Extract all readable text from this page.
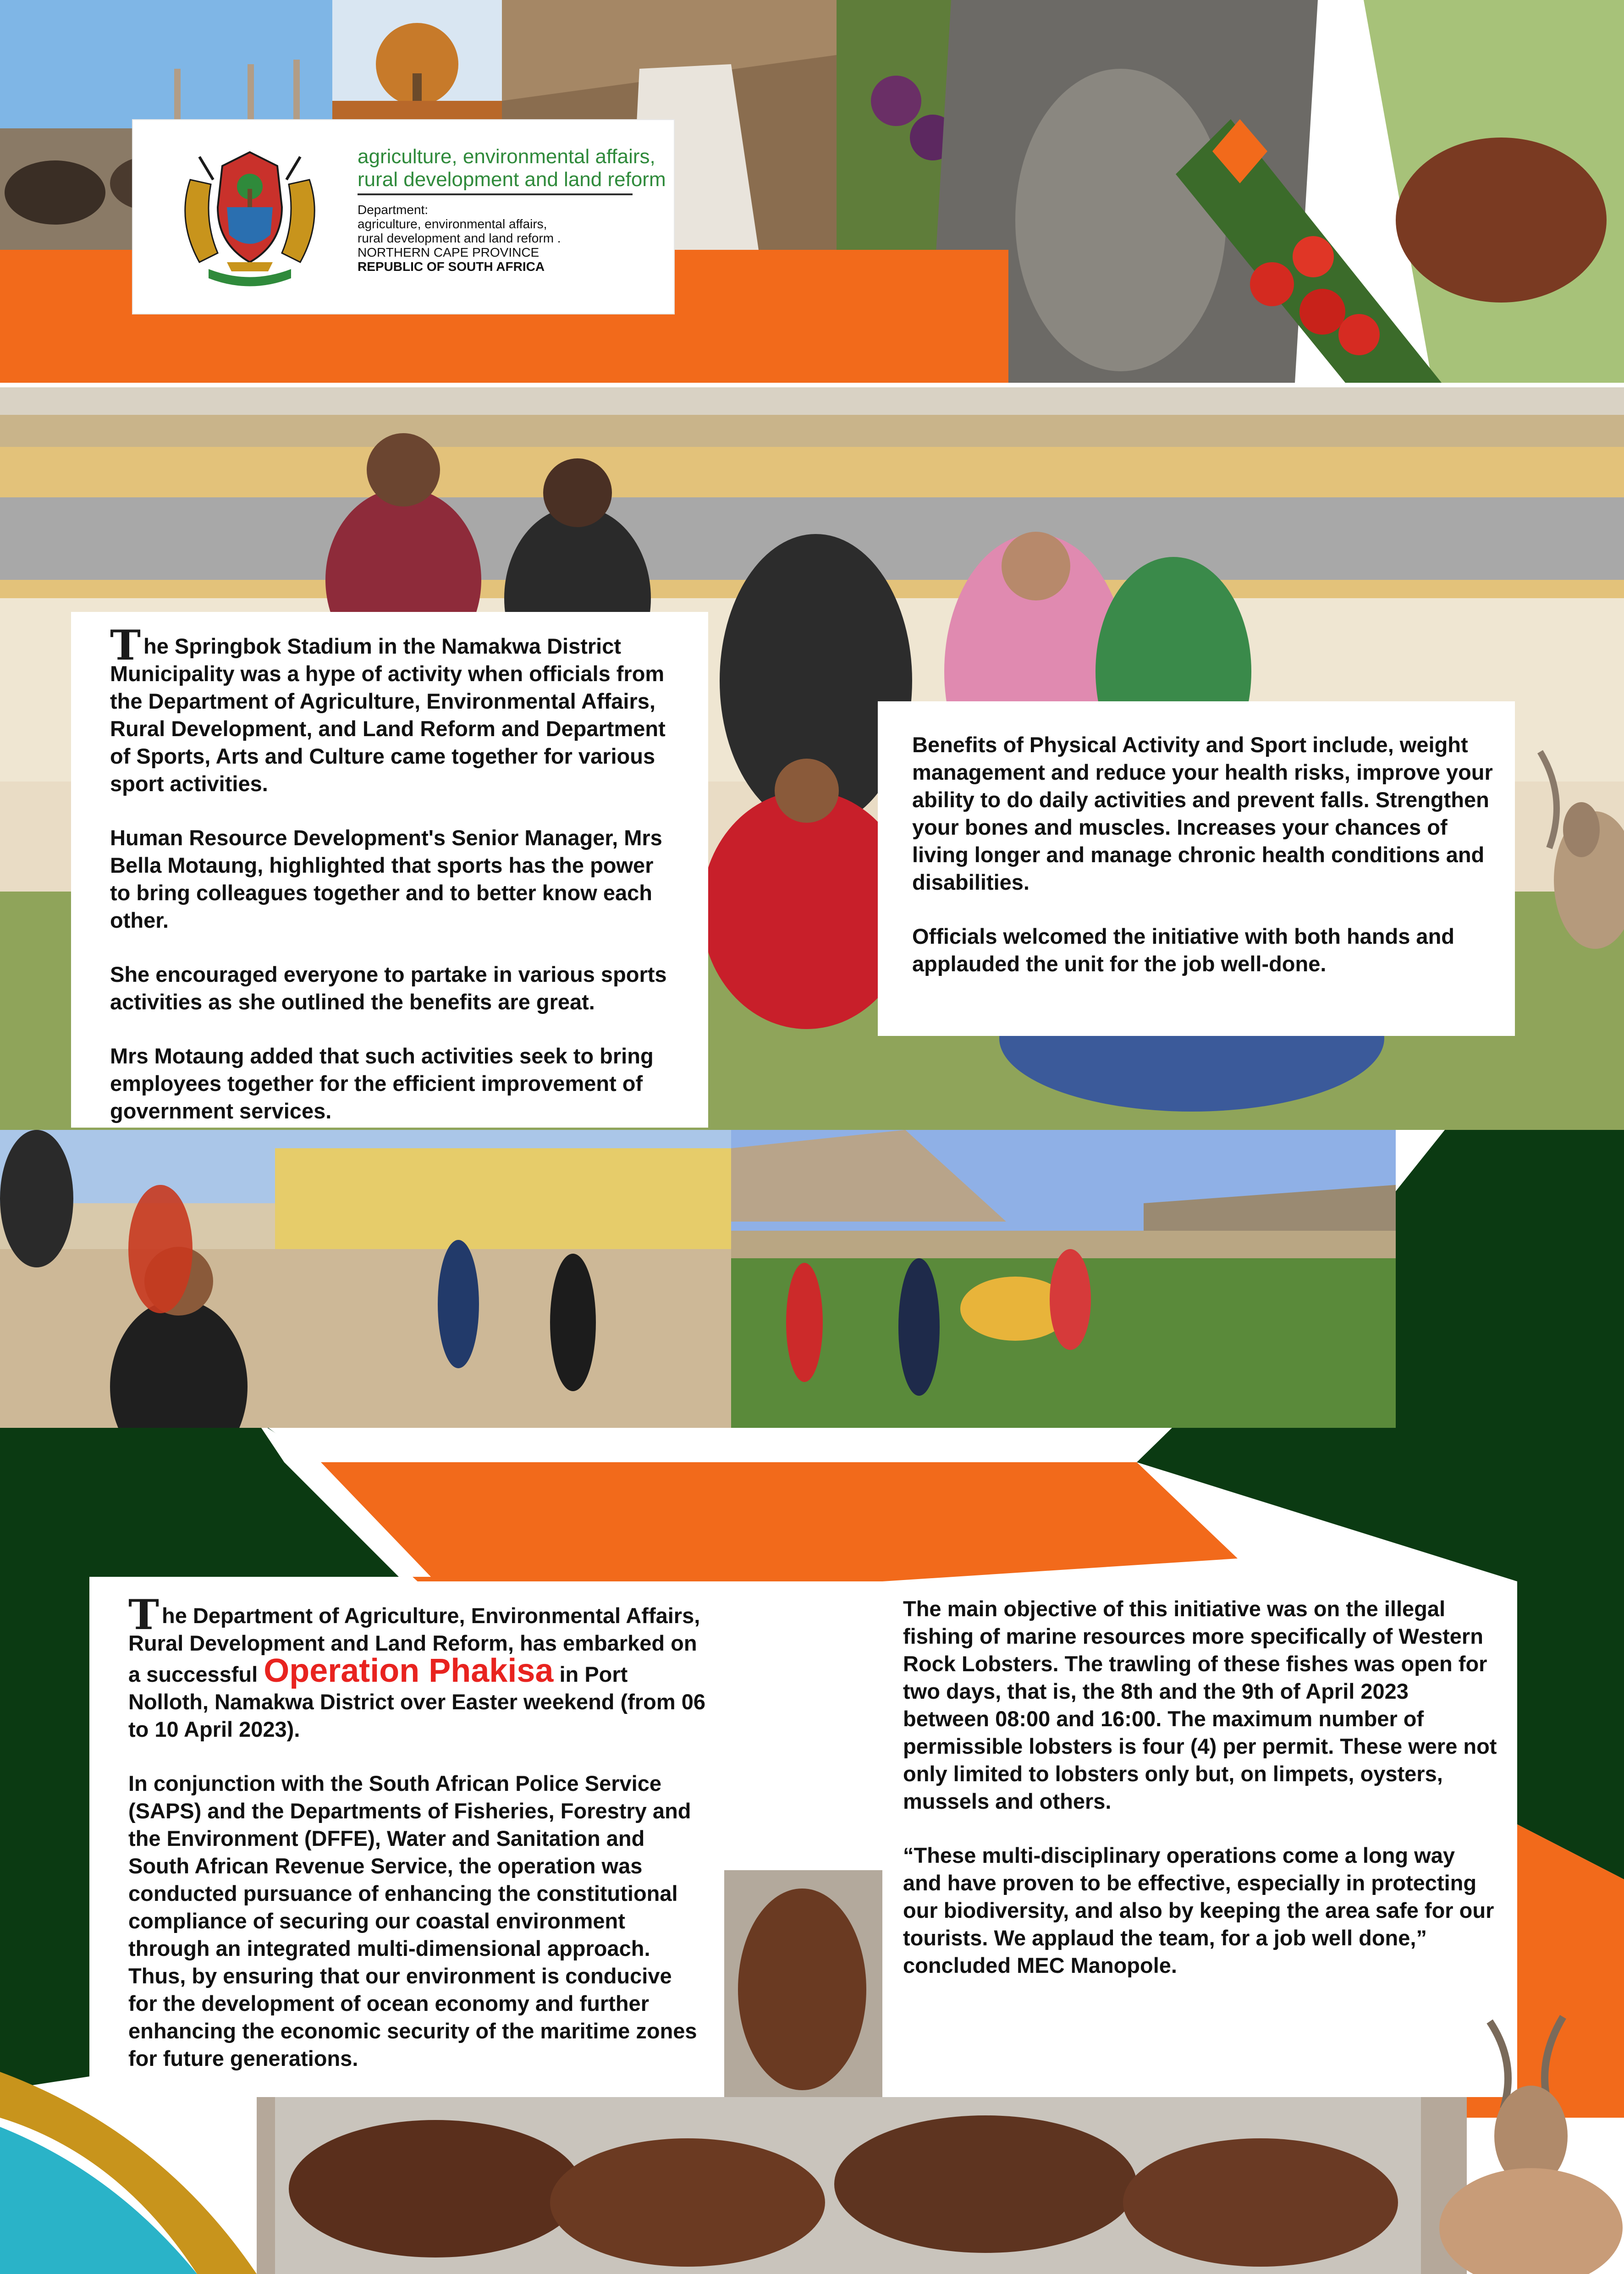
agriculture, environmental affairs,
rural development and land reform
Department:
agriculture, environmental affairs,
rural development and land reform .
NORTHERN CAPE PROVINCE
REPUBLIC OF SOUTH AFRICA

The Springbok Stadium in the Namakwa District Municipality was a hype of activity when officials from the Department of Agriculture, Environmental Affairs, Rural Development, and Land Reform and Department of Sports, Arts and Culture came together for various sport activities.

Human Resource Development's Senior Manager, Mrs Bella Motaung, highlighted that sports has the power to bring colleagues together and to better know each other.

She encouraged everyone to partake in various sports activities as she outlined the benefits are great.

Mrs Motaung added that such activities seek to bring employees together for the efficient improvement of government services.

Benefits of Physical Activity and Sport include, weight management and reduce your health risks, improve your ability to do daily activities and prevent falls. Strengthen your bones and muscles. Increases your chances of living longer and manage chronic health conditions and disabilities.

Officials welcomed the initiative with both hands and applauded the unit for the job well-done.

The Department of Agriculture, Environmental Affairs, Rural Development and Land Reform, has embarked on a successful Operation Phakisa in Port Nolloth, Namakwa District over Easter weekend (from 06 to 10 April 2023).

In conjunction with the South African Police Service (SAPS) and the Departments of Fisheries, Forestry and the Environment (DFFE), Water and Sanitation and South African Revenue Service, the operation was conducted pursuance of enhancing the constitutional compliance of securing our coastal environment through an integrated multi-dimensional approach. Thus, by ensuring that our environment is conducive for the development of ocean economy and further enhancing the economic security of the maritime zones for future generations.

The main objective of this initiative was on the illegal fishing of marine resources more specifically of Western Rock Lobsters. The trawling of these fishes was open for two days, that is, the 8th and the 9th of April 2023 between 08:00 and 16:00. The maximum number of permissible lobsters is four (4) per permit. These were not only limited to lobsters only but, on limpets, oysters, mussels and others.

“These multi-disciplinary operations come a long way and have proven to be effective, especially in protecting our biodiversity, and also by keeping the area safe for our tourists. We applaud the team, for a job well done,” concluded MEC Manopole.
